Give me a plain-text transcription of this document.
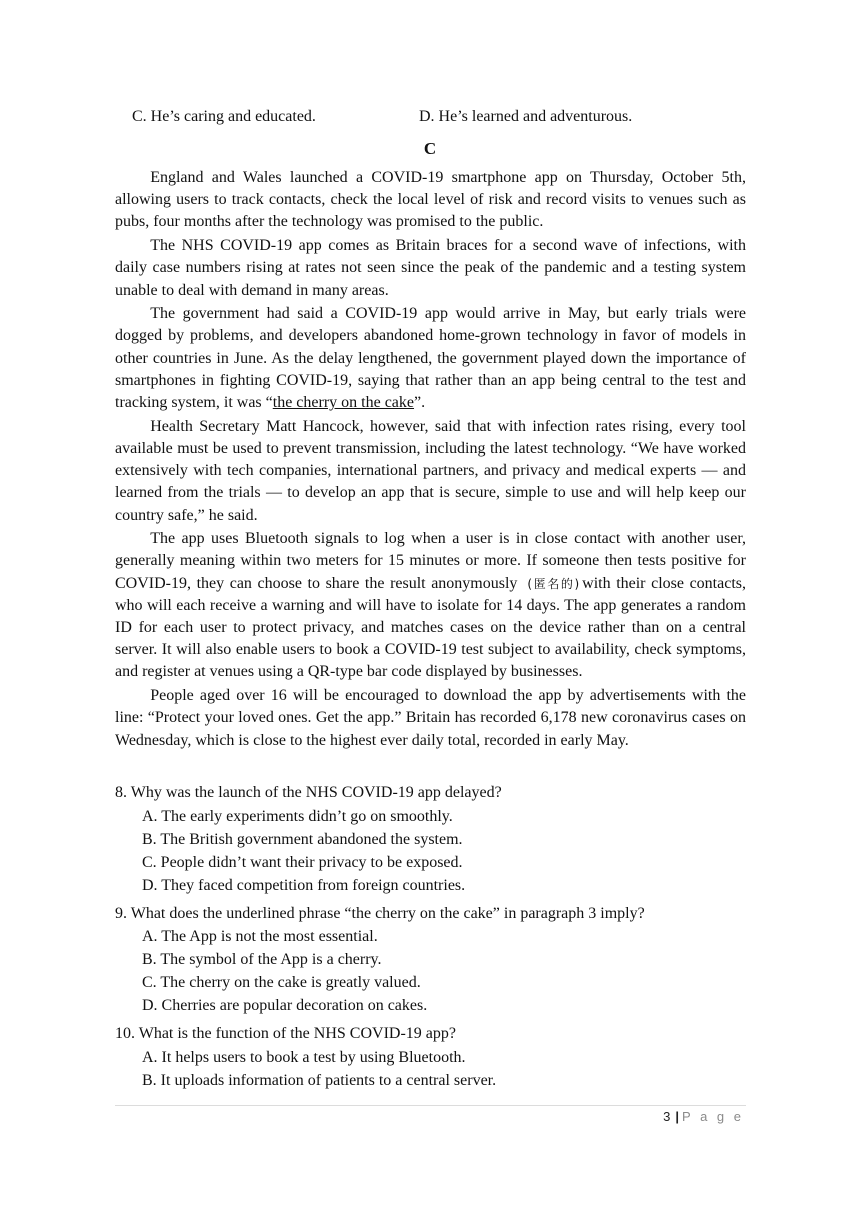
C. He’s caring and educated.	D. He’s learned and adventurous.
C

England and Wales launched a COVID-19 smartphone app on Thursday, October 5th, allowing users to track contacts, check the local level of risk and record visits to venues such as pubs, four months after the technology was promised to the public.

The NHS COVID-19 app comes as Britain braces for a second wave of infections, with daily case numbers rising at rates not seen since the peak of the pandemic and a testing system unable to deal with demand in many areas.

The government had said a COVID-19 app would arrive in May, but early trials were dogged by problems, and developers abandoned home-grown technology in favor of models in other countries in June. As the delay lengthened, the government played down the importance of smartphones in fighting COVID-19, saying that rather than an app being central to the test and tracking system, it was “the cherry on the cake”.

Health Secretary Matt Hancock, however, said that with infection rates rising, every tool available must be used to prevent transmission, including the latest technology. “We have worked extensively with tech companies, international partners, and privacy and medical experts — and learned from the trials — to develop an app that is secure, simple to use and will help keep our country safe,” he said.

The app uses Bluetooth signals to log when a user is in close contact with another user, generally meaning within two meters for 15 minutes or more. If someone then tests positive for COVID-19, they can choose to share the result anonymously (匿名的) with their close contacts, who will each receive a warning and will have to isolate for 14 days. The app generates a random ID for each user to protect privacy, and matches cases on the device rather than on a central server. It will also enable users to book a COVID-19 test subject to availability, check symptoms, and register at venues using a QR-type bar code displayed by businesses.

People aged over 16 will be encouraged to download the app by advertisements with the line: “Protect your loved ones. Get the app.” Britain has recorded 6,178 new coronavirus cases on Wednesday, which is close to the highest ever daily total, recorded in early May.

8. Why was the launch of the NHS COVID-19 app delayed?
A. The early experiments didn’t go on smoothly.
B. The British government abandoned the system.
C. People didn’t want their privacy to be exposed.
D. They faced competition from foreign countries.
9. What does the underlined phrase “the cherry on the cake” in paragraph 3 imply?
A. The App is not the most essential.
B. The symbol of the App is a cherry.
C. The cherry on the cake is greatly valued.
D. Cherries are popular decoration on cakes.
10. What is the function of the NHS COVID-19 app?
A. It helps users to book a test by using Bluetooth.
B. It uploads information of patients to a central server.
3 | P a g e
